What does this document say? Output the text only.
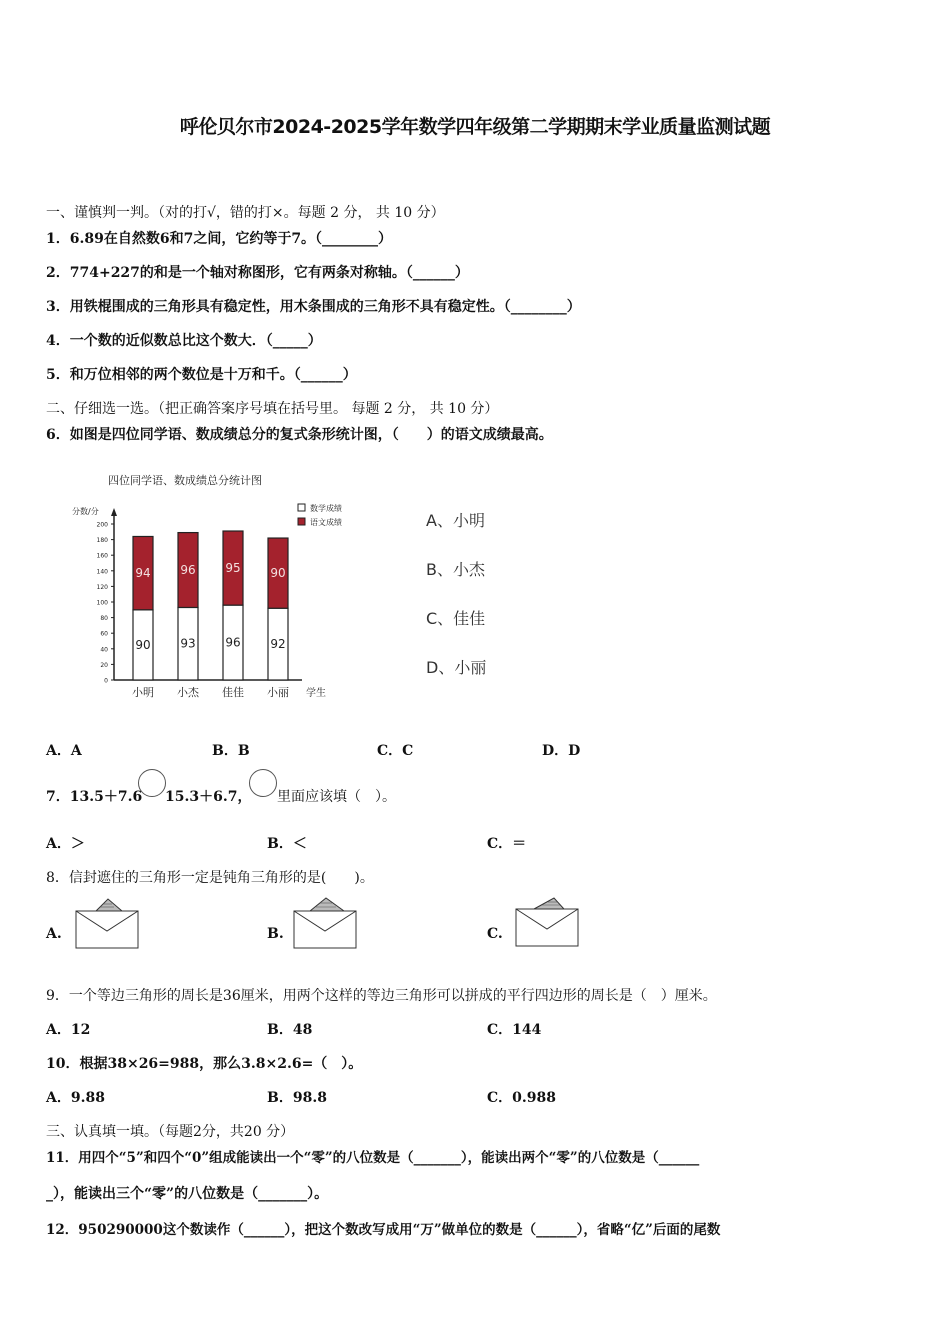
呼伦贝尔市2024-2025学年数学四年级第二学期期末学业质量监测试题
一、谨慎判一判。（对的打√，错的打×。每题 2 分， 共 10 分）
1．6.89在自然数6和7之间，它约等于7。（________）
2．774+227的和是一个轴对称图形，它有两条对称轴。（______）
3．用铁棍围成的三角形具有稳定性，用木条围成的三角形不具有稳定性。（________）
4．一个数的近似数总比这个数大．（_____）
5．和万位相邻的两个数位是十万和千。（______）
二、仔细选一选。（把正确答案序号填在括号里。 每题 2 分， 共 10 分）
6．如图是四位同学语、数成绩总分的复式条形统计图，（　　）的语文成绩最高。
四位同学语、数成绩总分统计图
分数/分
学生
0
20
40
60
80
100
120
140
160
180
200
90
94
小明
93
96
小杰
96
95
佳佳
92
90
小丽
数学成绩
语文成绩	A、小明
B、小杰
C、佳佳
D、小丽
A．A	B．B	C．C	D．D
7．13.5＋7.6 15.3＋6.7， 里面应该填（　）。
A．＞	B．＜	C．＝
8．信封遮住的三角形一定是钝角三角形的是(　　)。
A.	B.	C.
9．一个等边三角形的周长是36厘米，用两个这样的等边三角形可以拼成的平行四边形的周长是（　）厘米。
A．12	B．48	C．144
10．根据38×26=988，那么3.8×2.6=（　）。
A．9.88	B．98.8	C．0.988
三、认真填一填。（每题2分，共20 分）
11．用四个“5”和四个“0”组成能读出一个“零”的八位数是（_______），能读出两个“零”的八位数是（______
_），能读出三个“零”的八位数是（_______）。
12．950290000这个数读作（______），把这个数改写成用“万”做单位的数是（______），省略“亿”后面的尾数
